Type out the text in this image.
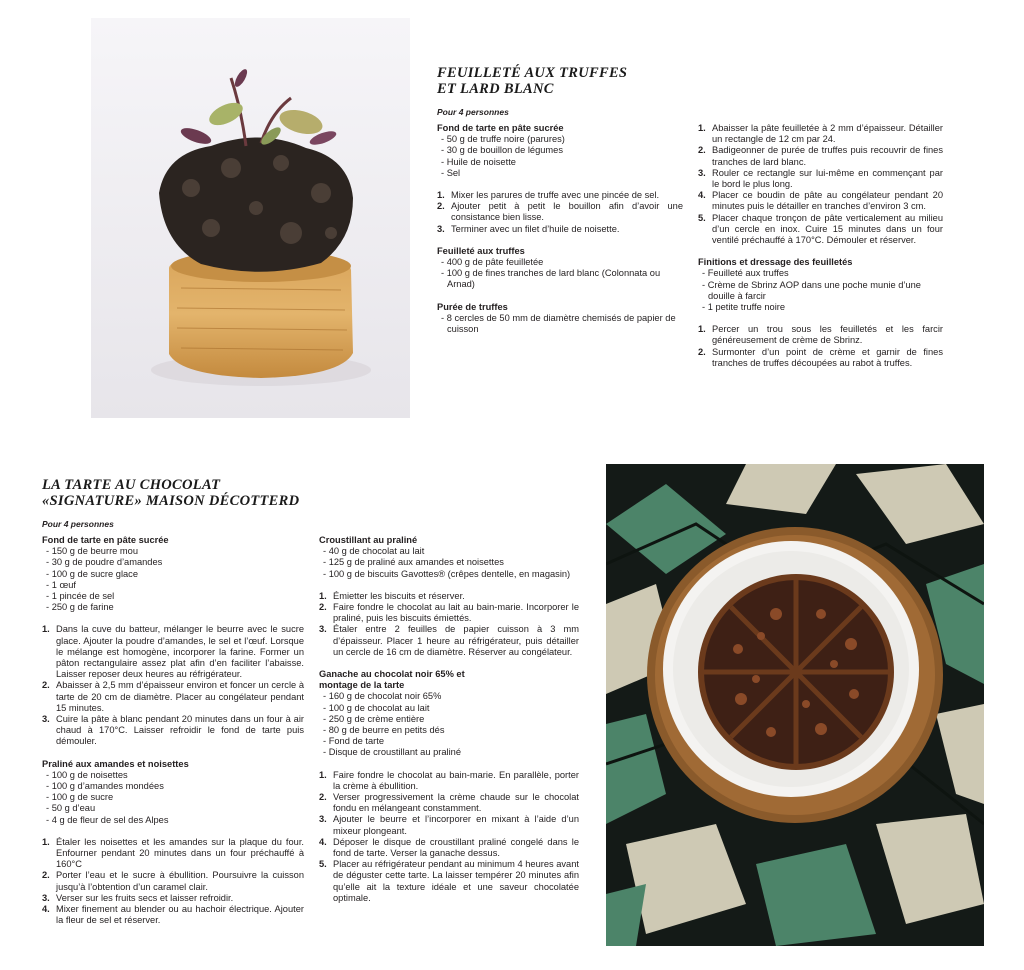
FEUILLETÉ AUX TRUFFES
ET LARD BLANC
Pour 4 personnes

Fond de tarte en pâte sucrée

- 50 g de truffe noire (parures)
- 30 g de bouillon de légumes
- Huile de noisette
- Sel
1. Mixer les parures de truffe avec une pincée de sel.
2. Ajouter petit à petit le bouillon afin d’avoir une consistance bien lisse.
3. Terminer avec un filet d’huile de noisette.

Feuilleté aux truffes

- 400 g de pâte feuilletée
- 100 g de fines tranches de lard blanc (Colonnata ou Arnad)

Purée de truffes

- 8 cercles de 50 mm de diamètre chemisés de papier de cuisson
1. Abaisser la pâte feuilletée à 2 mm d’épaisseur. Détailler un rectangle de 12 cm par 24.
2. Badigeonner de purée de truffes puis recouvrir de fines tranches de lard blanc.
3. Rouler ce rectangle sur lui-même en commençant par le bord le plus long.
4. Placer ce boudin de pâte au congélateur pendant 20 minutes puis le détailler en tranches d’environ 3 cm.
5. Placer chaque tronçon de pâte verticalement au milieu d’un cercle en inox. Cuire 15 minutes dans un four ventilé préchauffé à 170°C. Démouler et réserver.

Finitions et dressage des feuilletés

- Feuilleté aux truffes
- Crème de Sbrinz AOP dans une poche munie d’une douille à farcir
- 1 petite truffe noire
1. Percer un trou sous les feuilletés et les farcir généreusement de crème de Sbrinz.
2. Surmonter d’un point de crème et garnir de fines tranches de truffes découpées au rabot à truffes.
LA TARTE AU CHOCOLAT
«SIGNATURE» MAISON DÉCOTTERD
Pour 4 personnes

Fond de tarte en pâte sucrée

- 150 g de beurre mou
- 30 g de poudre d’amandes
- 100 g de sucre glace
- 1 œuf
- 1 pincée de sel
- 250 g de farine
1. Dans la cuve du batteur, mélanger le beurre avec le sucre glace. Ajouter la poudre d’amandes, le sel et l’œuf. Lorsque le mélange est homogène, incorporer la farine. Former un pâton rectangulaire assez plat afin d’en faciliter l’abaisse. Laisser reposer deux heures au réfrigérateur.
2. Abaisser à 2,5 mm d’épaisseur environ et foncer un cercle à tarte de 20 cm de diamètre. Placer au congélateur pendant 15 minutes.
3. Cuire la pâte à blanc pendant 20 minutes dans un four à air chaud à 170°C. Laisser refroidir le fond de tarte puis démouler.

Praliné aux amandes et noisettes

- 100 g de noisettes
- 100 g d’amandes mondées
- 100 g de sucre
- 50 g d’eau
- 4 g de fleur de sel des Alpes
1. Étaler les noisettes et les amandes sur la plaque du four. Enfourner pendant 20 minutes dans un four préchauffé à 160°C
2. Porter l’eau et le sucre à ébullition. Poursuivre la cuisson jusqu’à l’obtention d’un caramel clair.
3. Verser sur les fruits secs et laisser refroidir.
4. Mixer finement au blender ou au hachoir électrique. Ajouter la fleur de sel et réserver.

Croustillant au praliné

- 40 g de chocolat au lait
- 125 g de praliné aux amandes et noisettes
- 100 g de biscuits Gavottes® (crêpes dentelle, en magasin)
1. Émietter les biscuits et réserver.
2. Faire fondre le chocolat au lait au bain-marie. Incorporer le praliné, puis les biscuits émiettés.
3. Étaler entre 2 feuilles de papier cuisson à 3 mm d’épaisseur. Placer 1 heure au réfrigérateur, puis détailler un cercle de 16 cm de diamètre. Réserver au congélateur.

Ganache au chocolat noir 65% et montage de la tarte

- 160 g de chocolat noir 65%
- 100 g de chocolat au lait
- 250 g de crème entière
- 80 g de beurre en petits dés
- Fond de tarte
- Disque de croustillant au praliné
1. Faire fondre le chocolat au bain-marie. En parallèle, porter la crème à ébullition.
2. Verser progressivement la crème chaude sur le chocolat fondu en mélangeant constamment.
3. Ajouter le beurre et l’incorporer en mixant à l’aide d’un mixeur plongeant.
4. Déposer le disque de croustillant praliné congelé dans le fond de tarte. Verser la ganache dessus.
5. Placer au réfrigérateur pendant au minimum 4 heures avant de déguster cette tarte. La laisser tempérer 20 minutes afin qu’elle ait la texture idéale et une saveur chocolatée optimale.
